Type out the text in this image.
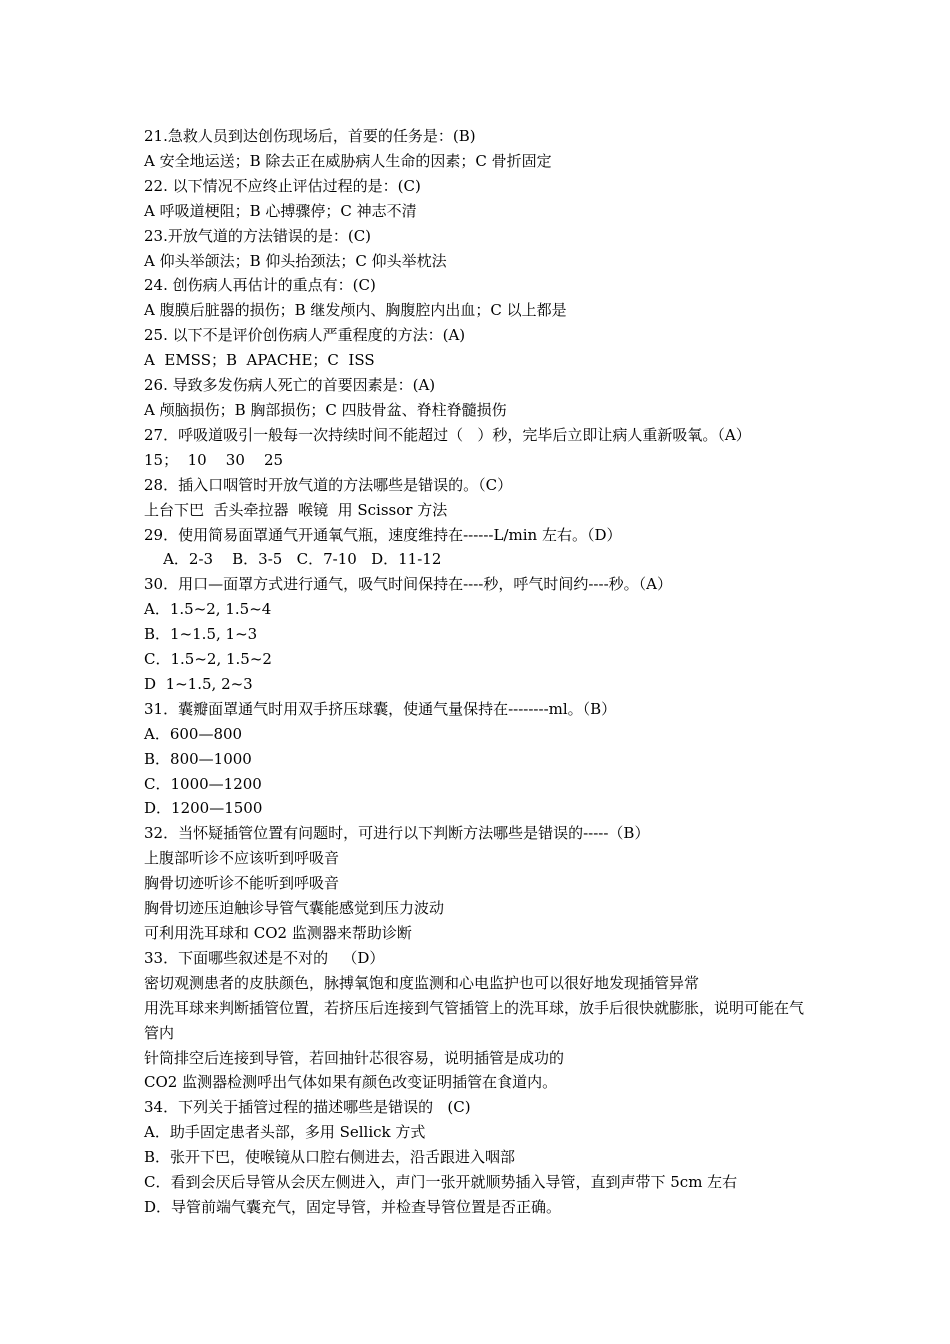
21.急救人员到达创伤现场后，首要的任务是：(B)
A 安全地运送；B 除去正在威胁病人生命的因素；C 骨折固定
22. 以下情况不应终止评估过程的是：(C)
A 呼吸道梗阻；B 心搏骤停；C 神志不清
23.开放气道的方法错误的是：(C)
A 仰头举颌法；B 仰头抬颈法；C 仰头举枕法
24. 创伤病人再估计的重点有：(C)
A 腹膜后脏器的损伤；B 继发颅内、胸腹腔内出血；C 以上都是
25. 以下不是评价创伤病人严重程度的方法：(A)
A  EMSS；B  APACHE；C  ISS
26. 导致多发伤病人死亡的首要因素是：(A)
A 颅脑损伤；B 胸部损伤；C 四肢骨盆、脊柱脊髓损伤
27．呼吸道吸引一般每一次持续时间不能超过（   ）秒，完毕后立即让病人重新吸氧。（A）
15；  10    30    25
28．插入口咽管时开放气道的方法哪些是错误的。（C）
上台下巴  舌头牵拉器  喉镜  用 Scissor 方法
29．使用简易面罩通气开通氧气瓶，速度维持在------L/min 左右。（D）
A．2-3    B．3-5   C．7-10   D．11-12
30．用口—面罩方式进行通气，吸气时间保持在----秒，呼气时间约----秒。（A）
A．1.5~2, 1.5~4
B．1~1.5, 1~3
C．1.5~2, 1.5~2
D  1~1.5, 2~3
31．囊瓣面罩通气时用双手挤压球囊，使通气量保持在--------ml。（B）
A．600—800
B．800—1000
C．1000—1200
D．1200—1500
32．当怀疑插管位置有问题时，可进行以下判断方法哪些是错误的-----（B）
上腹部听诊不应该听到呼吸音
胸骨切迹听诊不能听到呼吸音
胸骨切迹压迫触诊导管气囊能感觉到压力波动
可利用洗耳球和 CO2 监测器来帮助诊断
33．下面哪些叙述是不对的   （D）
密切观测患者的皮肤颜色，脉搏氧饱和度监测和心电监护也可以很好地发现插管异常
用洗耳球来判断插管位置，若挤压后连接到气管插管上的洗耳球，放手后很快就膨胀，说明可能在气管内
针筒排空后连接到导管，若回抽针芯很容易，说明插管是成功的
CO2 监测器检测呼出气体如果有颜色改变证明插管在食道内。
34．下列关于插管过程的描述哪些是错误的   (C)
A．助手固定患者头部，多用 Sellick 方式
B．张开下巴，使喉镜从口腔右侧进去，沿舌跟进入咽部
C．看到会厌后导管从会厌左侧进入，声门一张开就顺势插入导管，直到声带下 5cm 左右
D．导管前端气囊充气，固定导管，并检查导管位置是否正确。
